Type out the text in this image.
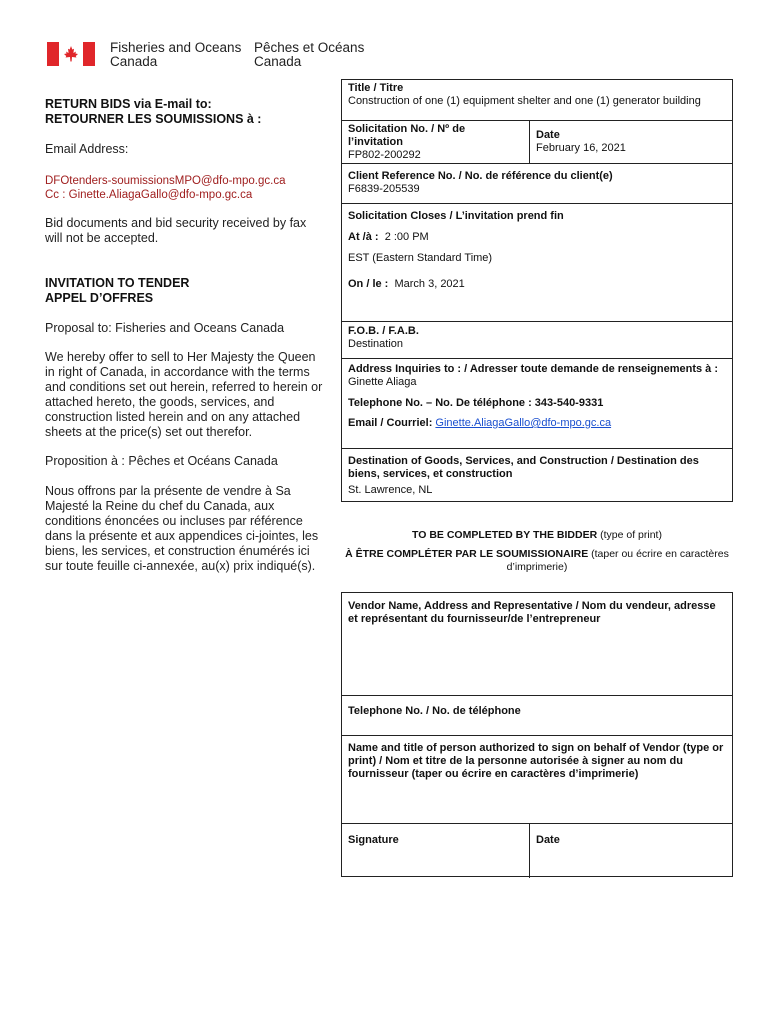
Fisheries and Oceans
Canada
Pêches et Océans
Canada
RETURN BIDS via E-mail to:
RETOURNER LES SOUMISSIONS à :
Email Address:
DFOtenders-soumissionsMPO@dfo-mpo.gc.ca
Cc : Ginette.AliagaGallo@dfo-mpo.gc.ca
Bid documents and bid security received by fax will not be accepted.
INVITATION TO TENDER
APPEL D’OFFRES
Proposal to: Fisheries and Oceans Canada
We hereby offer to sell to Her Majesty the Queen in right of Canada, in accordance with the terms and conditions set out herein, referred to herein or attached hereto, the goods, services, and construction listed herein and on any attached sheets at the price(s) set out therefor.
Proposition à : Pêches et Océans Canada
Nous offrons par la présente de vendre à Sa Majesté la Reine du chef du Canada, aux conditions énoncées ou incluses par référence dans la présente et aux appendices ci-jointes, les biens, les services, et construction énumérés ici sur toute feuille ci-annexée, au(x) prix indiqué(s).
Title / Titre
Construction of one (1) equipment shelter and one (1) generator building
Solicitation No. / Nº de l’invitation
FP802-200292
Date
February 16, 2021
Client Reference No. / No. de référence du client(e)
F6839-205539
Solicitation Closes / L’invitation prend fin
At /à : 2 :00 PM
EST (Eastern Standard Time)
On / le : March 3, 2021
F.O.B. / F.A.B.
Destination
Address Inquiries to : / Adresser toute demande de renseignements à :
Ginette Aliaga
Telephone No. – No. De téléphone : 343-540-9331
Email / Courriel: Ginette.AliagaGallo@dfo-mpo.gc.ca
Destination of Goods, Services, and Construction / Destination des biens, services, et construction
St. Lawrence, NL
TO BE COMPLETED BY THE BIDDER (type of print)
À ÊTRE COMPLÉTER PAR LE SOUMISSIONAIRE (taper ou écrire en caractères d’imprimerie)
Vendor Name, Address and Representative / Nom du vendeur, adresse et représentant du fournisseur/de l’entrepreneur
Telephone No. / No. de téléphone
Name and title of person authorized to sign on behalf of Vendor (type or print) / Nom et titre de la personne autorisée à signer au nom du fournisseur (taper ou écrire en caractères d’imprimerie)
Signature	Date
